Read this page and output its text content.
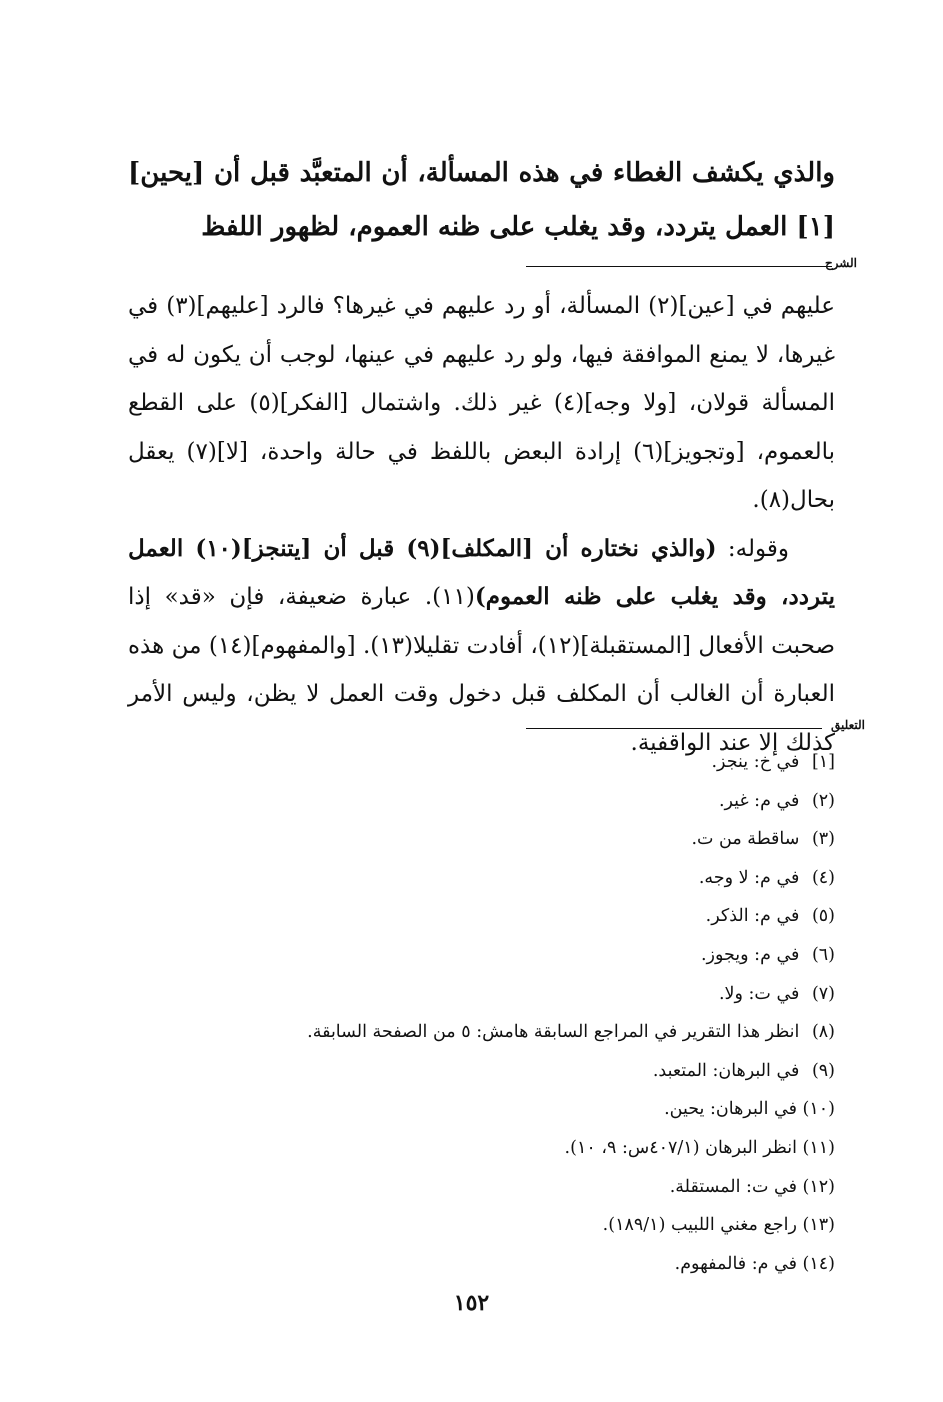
والذي يكشف الغطاء في هذه المسألة، أن المتعبَّد قبل أن [يحين][١] العمل يتردد، وقد يغلب على ظنه العموم، لظهور اللفظ
الشرح

عليهم في [عين](٢) المسألة، أو رد عليهم في غيرها؟ فالرد [عليهم](٣) في غيرها، لا يمنع الموافقة فيها، ولو رد عليهم في عينها، لوجب أن يكون له في المسألة قولان، [ولا وجه](٤) غير ذلك. واشتمال [الفكر](٥) على القطع بالعموم، [وتجويز](٦) إرادة البعض باللفظ في حالة واحدة، [لا](٧) يعقل بحال(٨).

وقوله: (والذي نختاره أن [المكلف](٩) قبل أن [يتنجز](١٠) العمل يتردد، وقد يغلب على ظنه العموم)(١١). عبارة ضعيفة، فإن «قد» إذا صحبت الأفعال [المستقبلة](١٢)، أفادت تقليلا(١٣). [والمفهوم](١٤) من هذه العبارة أن الغالب أن المكلف قبل دخول وقت العمل لا يظن، وليس الأمر كذلك إلا عند الواقفية.

التعليق
[١] في خ: ينجز.
(٢) في م: غير.
(٣) ساقطة من ت.
(٤) في م: لا وجه.
(٥) في م: الذكر.
(٦) في م: ويجوز.
(٧) في ت: ولا.
(٨) انظر هذا التقرير في المراجع السابقة هامش: ٥ من الصفحة السابقة.
(٩) في البرهان: المتعبد.
(١٠) في البرهان: يحين.
(١١) انظر البرهان (٤٠٧/١س: ٩، ١٠).
(١٢) في ت: المستقلة.
(١٣) راجع مغني اللبيب (١٨٩/١).
(١٤) في م: فالمفهوم.
١٥٢
